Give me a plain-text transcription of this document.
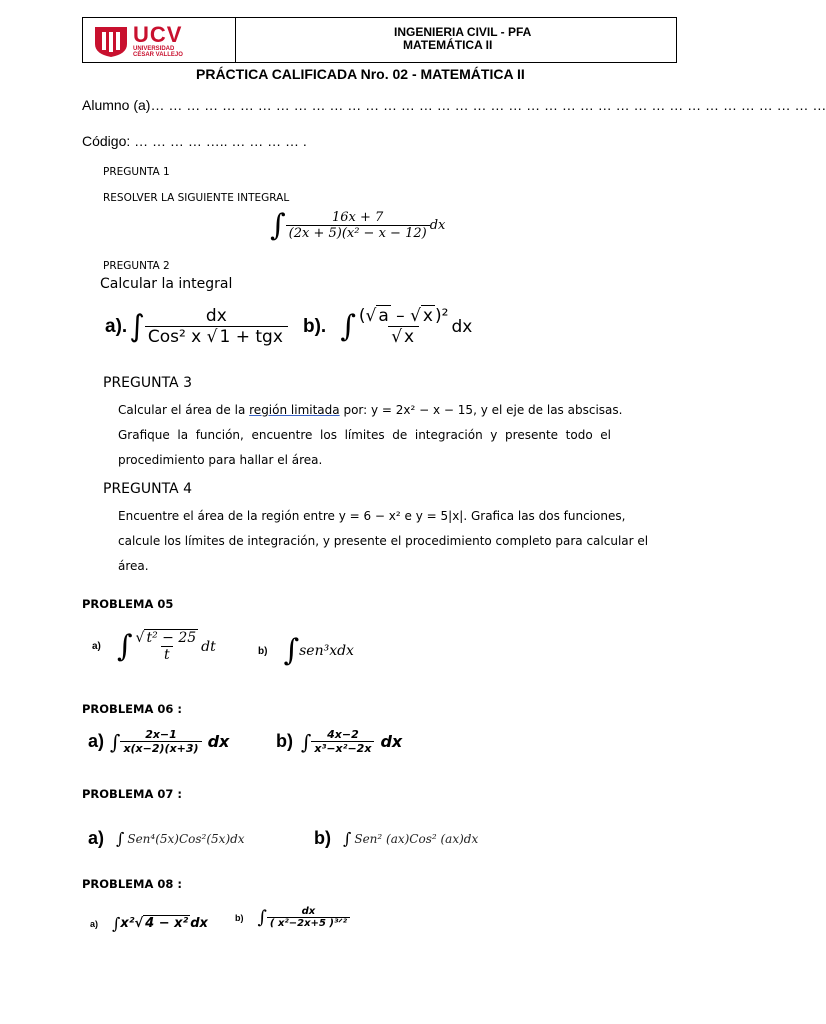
UCV
UNIVERSIDAD
CÉSAR VALLEJO
INGENIERIA CIVIL - PFA
MATEMÁTICA II
PRÁCTICA CALIFICADA Nro. 02 - MATEMÁTICA II
Alumno (a)… … … … … … … … … … … … … … … … … … … … … … … … … … … … … … … … … … … … … …
Código: … … … … ….. … … … … .
PREGUNTA 1
RESOLVER LA SIGUIENTE INTEGRAL
∫ $\frac{16x + 7}{\text{(2x + 5)(x² − x − 12)}}$ dx
PREGUNTA 2
Calcular la integral
a). ∫ $\frac{dx}{\text{Cos² x √ 1 + tgx}} b$). ∫ $\frac{\text{(√ a – √ x )²}}{√ x}$ dx
PREGUNTA 3
Calcular el área de la región limitada por: y = 2x² − x − 15, y el eje de las abscisas.
Grafique  la  función,  encuentre  los  límites  de  integración  y  presente  todo  el
procedimiento para hallar el área.
PREGUNTA 4
Encuentre el área de la región entre y = 6 − x² e y = 5|x|. Grafica las dos funciones,
calcule los límites de integración, y presente el procedimiento completo para calcular el
área.
PROBLEMA 05
a) ∫ $\frac{\text{√ t² − 25}}{t}$ dt	b) ∫ sen³xdx
PROBLEMA 06 :
a) ∫ $\frac{2x-1}{x(x-2)(x+3)}$ dx	b) ∫ $\frac{4x-2}{\text{x³−x²−2x}}$ dx
PROBLEMA 07 :
a) ∫ Sen⁴(5x)Cos²(5x)dx	b) ∫ Sen² (ax)Cos² (ax)dx
PROBLEMA 08 :
a) ∫ x²√ 4 − x² dx	b) ∫ $\frac{dx}{\text{( x²−2x+5 )³ᐟ²}}$
